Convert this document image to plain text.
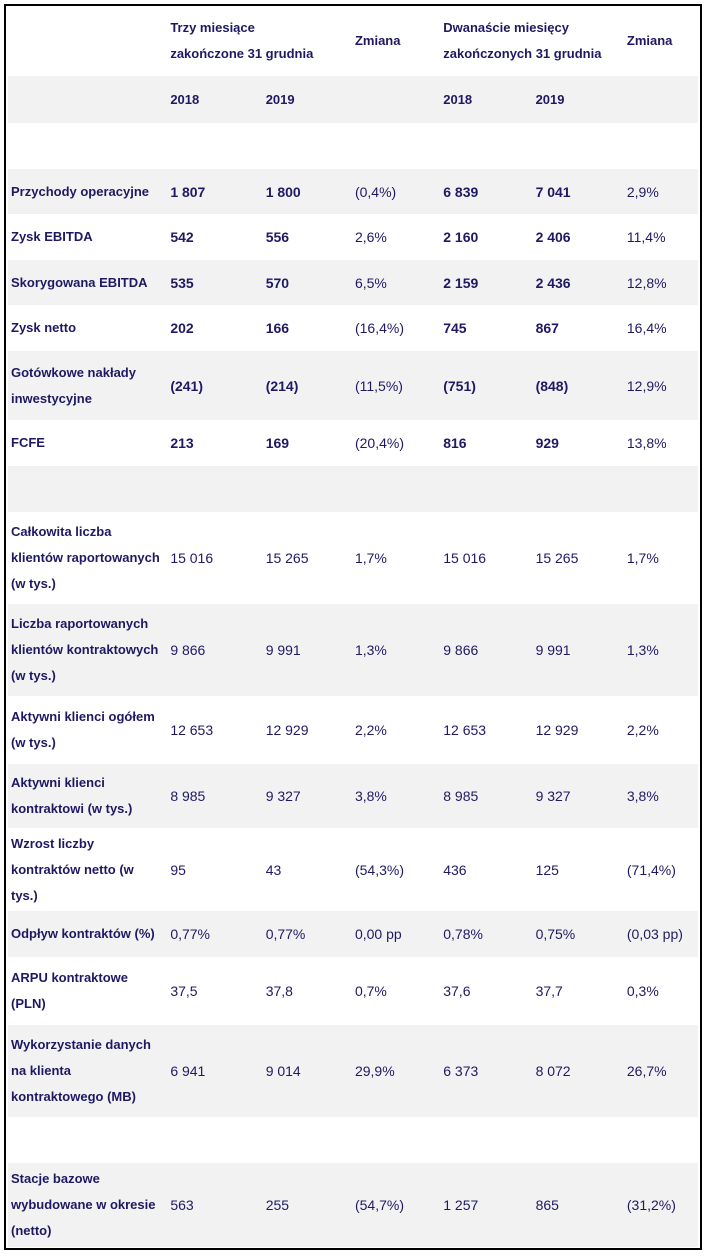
	Trzy miesiące zakończone 31 grudnia		Zmiana	Dwanaście miesięcy zakończonych 31 grudnia		Zmiana
	2018	2019		2018	2019	

Przychody operacyjne	1 807	1 800	(0,4%)	6 839	7 041	2,9%
Zysk EBITDA	542	556	2,6%	2 160	2 406	11,4%
Skorygowana EBITDA	535	570	6,5%	2 159	2 436	12,8%
Zysk netto	202	166	(16,4%)	745	867	16,4%
Gotówkowe nakłady inwestycyjne	(241)	(214)	(11,5%)	(751)	(848)	12,9%
FCFE	213	169	(20,4%)	816	929	13,8%

Całkowita liczba klientów raportowanych (w tys.)	15 016	15 265	1,7%	15 016	15 265	1,7%
Liczba raportowanych klientów kontraktowych (w tys.)	9 866	9 991	1,3%	9 866	9 991	1,3%
Aktywni klienci ogółem (w tys.)	12 653	12 929	2,2%	12 653	12 929	2,2%
Aktywni klienci kontraktowi (w tys.)	8 985	9 327	3,8%	8 985	9 327	3,8%
Wzrost liczby kontraktów netto (w tys.)	95	43	(54,3%)	436	125	(71,4%)
Odpływ kontraktów (%)	0,77%	0,77%	0,00 pp	0,78%	0,75%	(0,03 pp)
ARPU kontraktowe (PLN)	37,5	37,8	0,7%	37,6	37,7	0,3%
Wykorzystanie danych na klienta kontraktowego (MB)	6 941	9 014	29,9%	6 373	8 072	26,7%

Stacje bazowe wybudowane w okresie (netto)	563	255	(54,7%)	1 257	865	(31,2%)
